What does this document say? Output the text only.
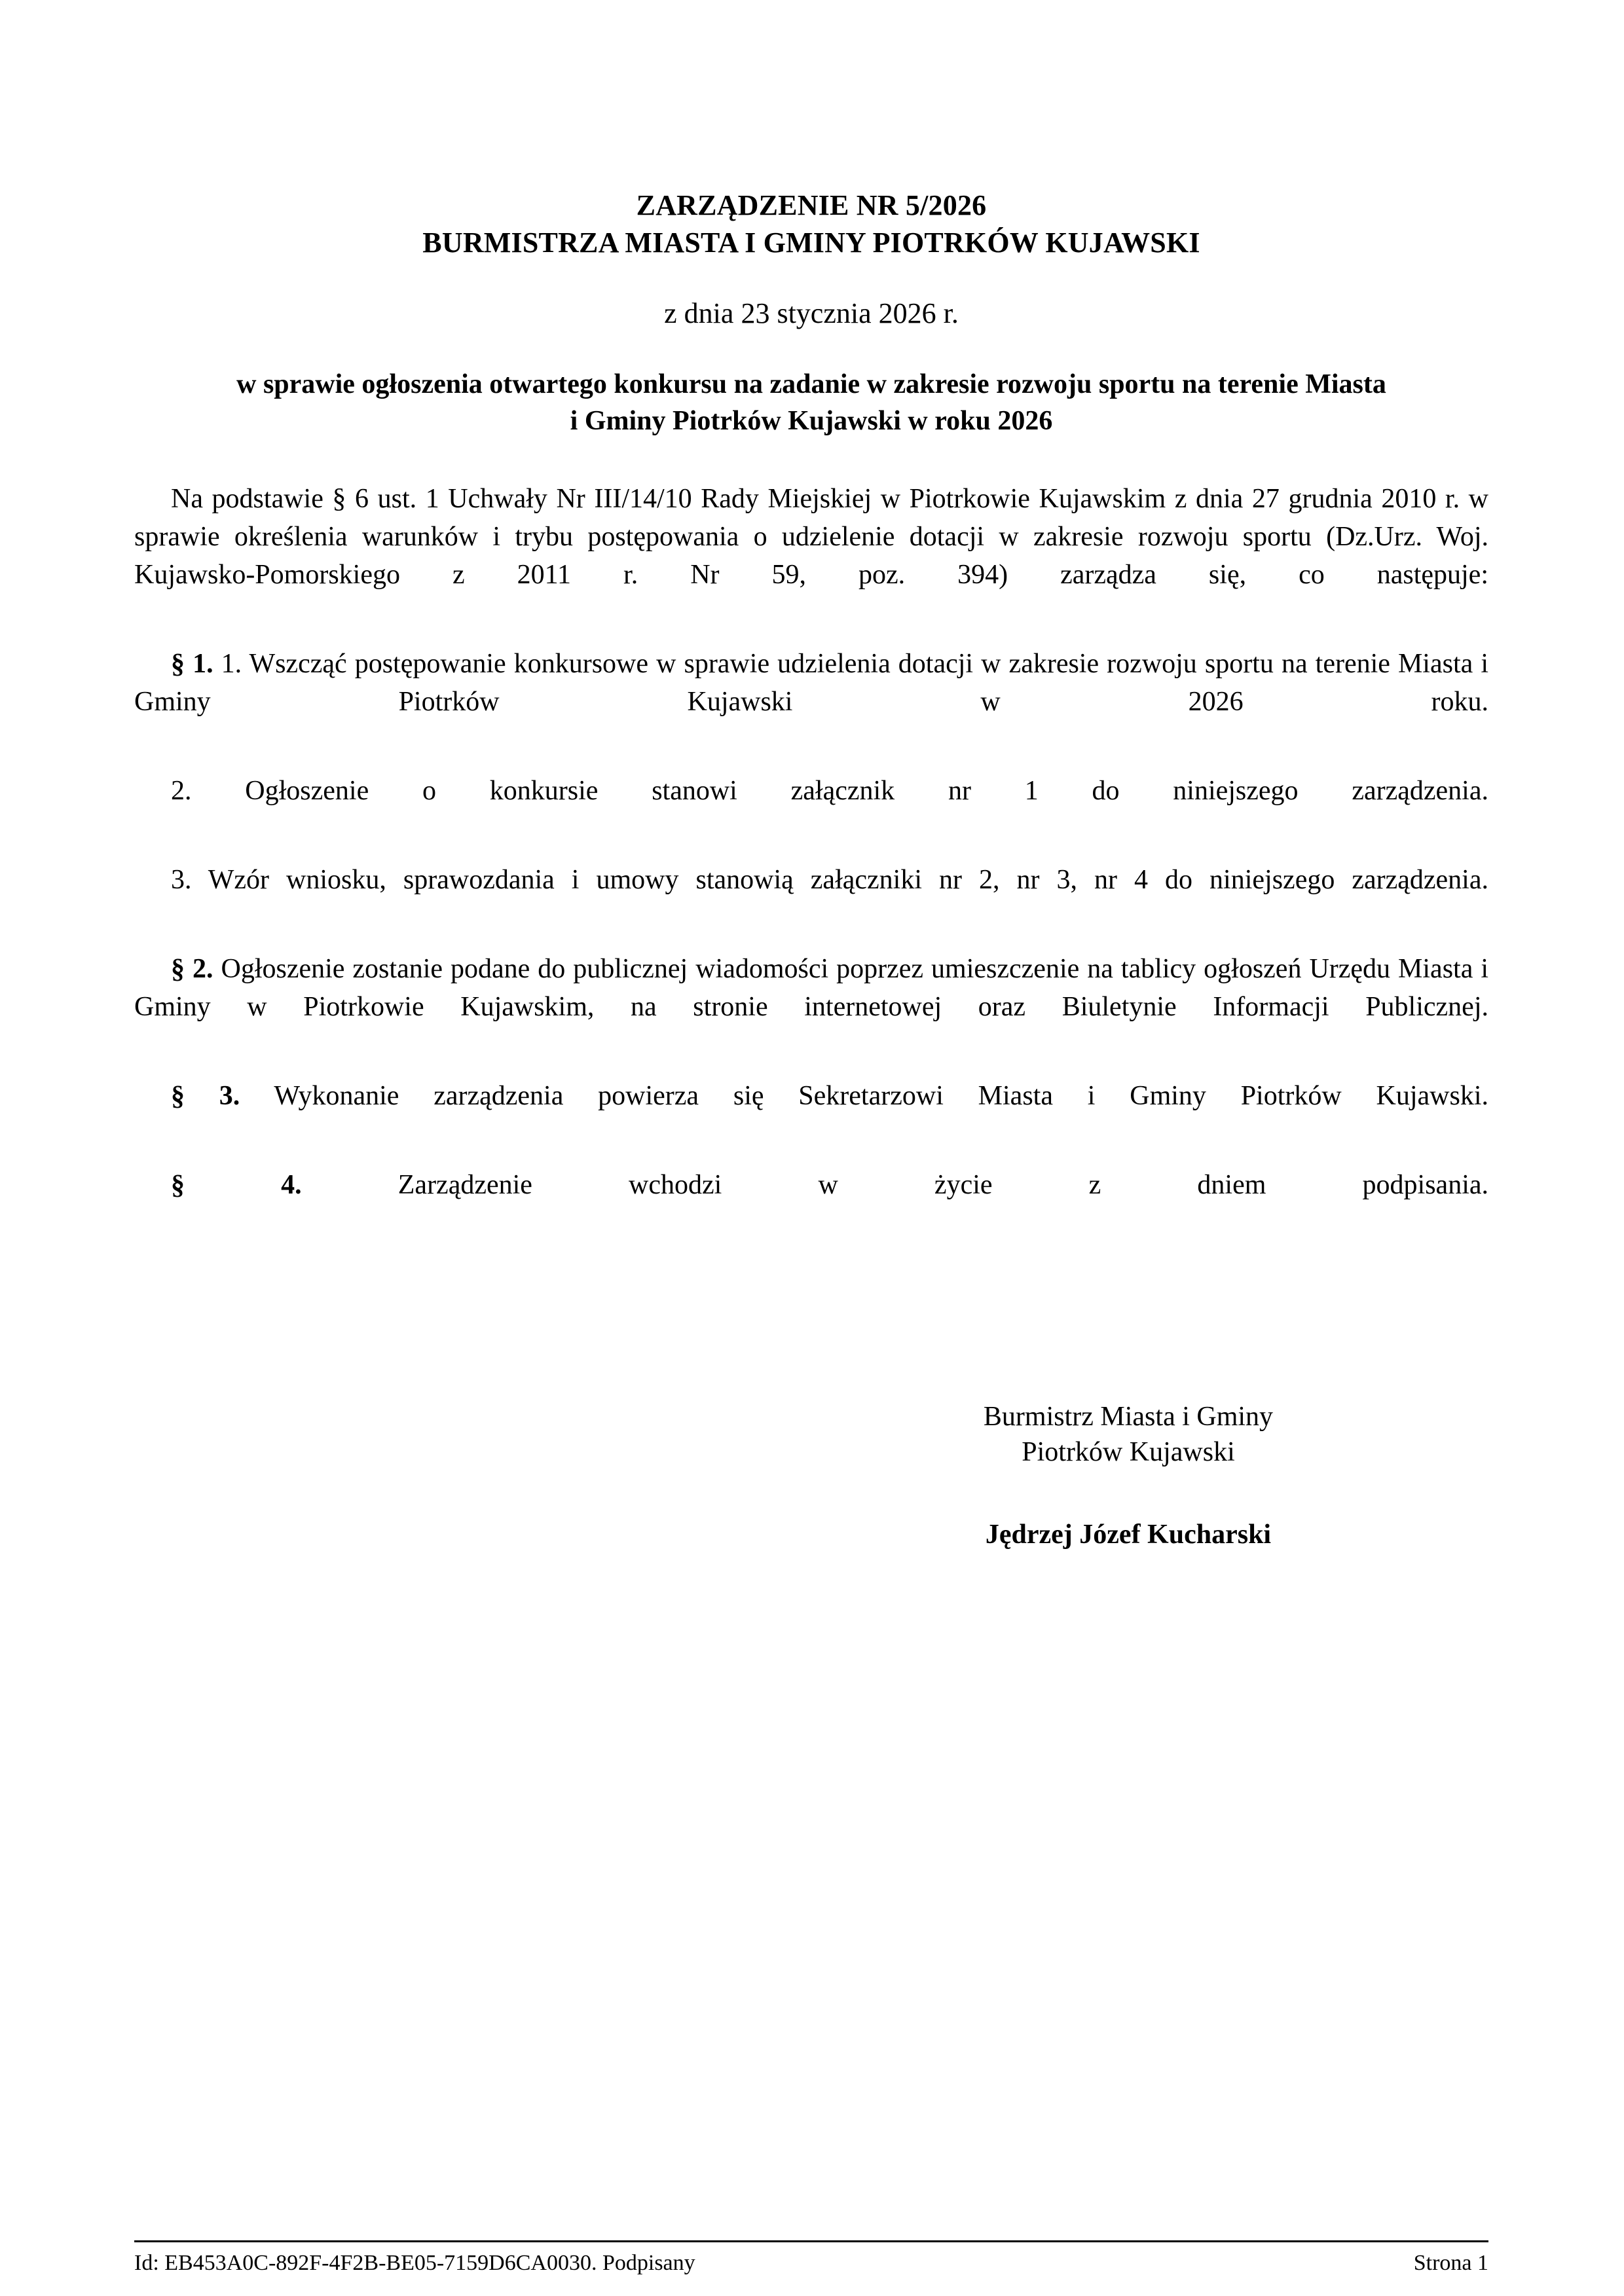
ZARZĄDZENIE NR 5/2026
BURMISTRZA MIASTA I GMINY PIOTRKÓW KUJAWSKI
z dnia 23 stycznia 2026 r.
w sprawie ogłoszenia otwartego konkursu na zadanie w zakresie rozwoju sportu na terenie Miasta
i Gminy Piotrków Kujawski w roku 2026

Na podstawie § 6 ust. 1 Uchwały Nr III/14/10 Rady Miejskiej w Piotrkowie Kujawskim z dnia 27 grudnia 2010 r. w sprawie określenia warunków i trybu postępowania o udzielenie dotacji w zakresie rozwoju sportu (Dz.Urz. Woj. Kujawsko-Pomorskiego z 2011 r. Nr 59, poz. 394) zarządza się, co następuje:

§ 1. 1. Wszcząć postępowanie konkursowe w sprawie udzielenia dotacji w zakresie rozwoju sportu na terenie Miasta i Gminy Piotrków Kujawski w 2026 roku.

2. Ogłoszenie o konkursie stanowi załącznik nr 1 do niniejszego zarządzenia.

3. Wzór wniosku, sprawozdania i umowy stanowią załączniki nr 2, nr 3, nr 4 do niniejszego zarządzenia.

§ 2. Ogłoszenie zostanie podane do publicznej wiadomości poprzez umieszczenie na tablicy ogłoszeń Urzędu Miasta i Gminy w Piotrkowie Kujawskim, na stronie internetowej oraz Biuletynie Informacji Publicznej.

§ 3. Wykonanie zarządzenia powierza się Sekretarzowi Miasta i Gminy Piotrków Kujawski.

§ 4. Zarządzenie wchodzi w życie z dniem podpisania.

Burmistrz Miasta i Gminy
Piotrków Kujawski
Jędrzej Józef Kucharski
Id: EB453A0C-892F-4F2B-BE05-7159D6CA0030. Podpisany	Strona 1
